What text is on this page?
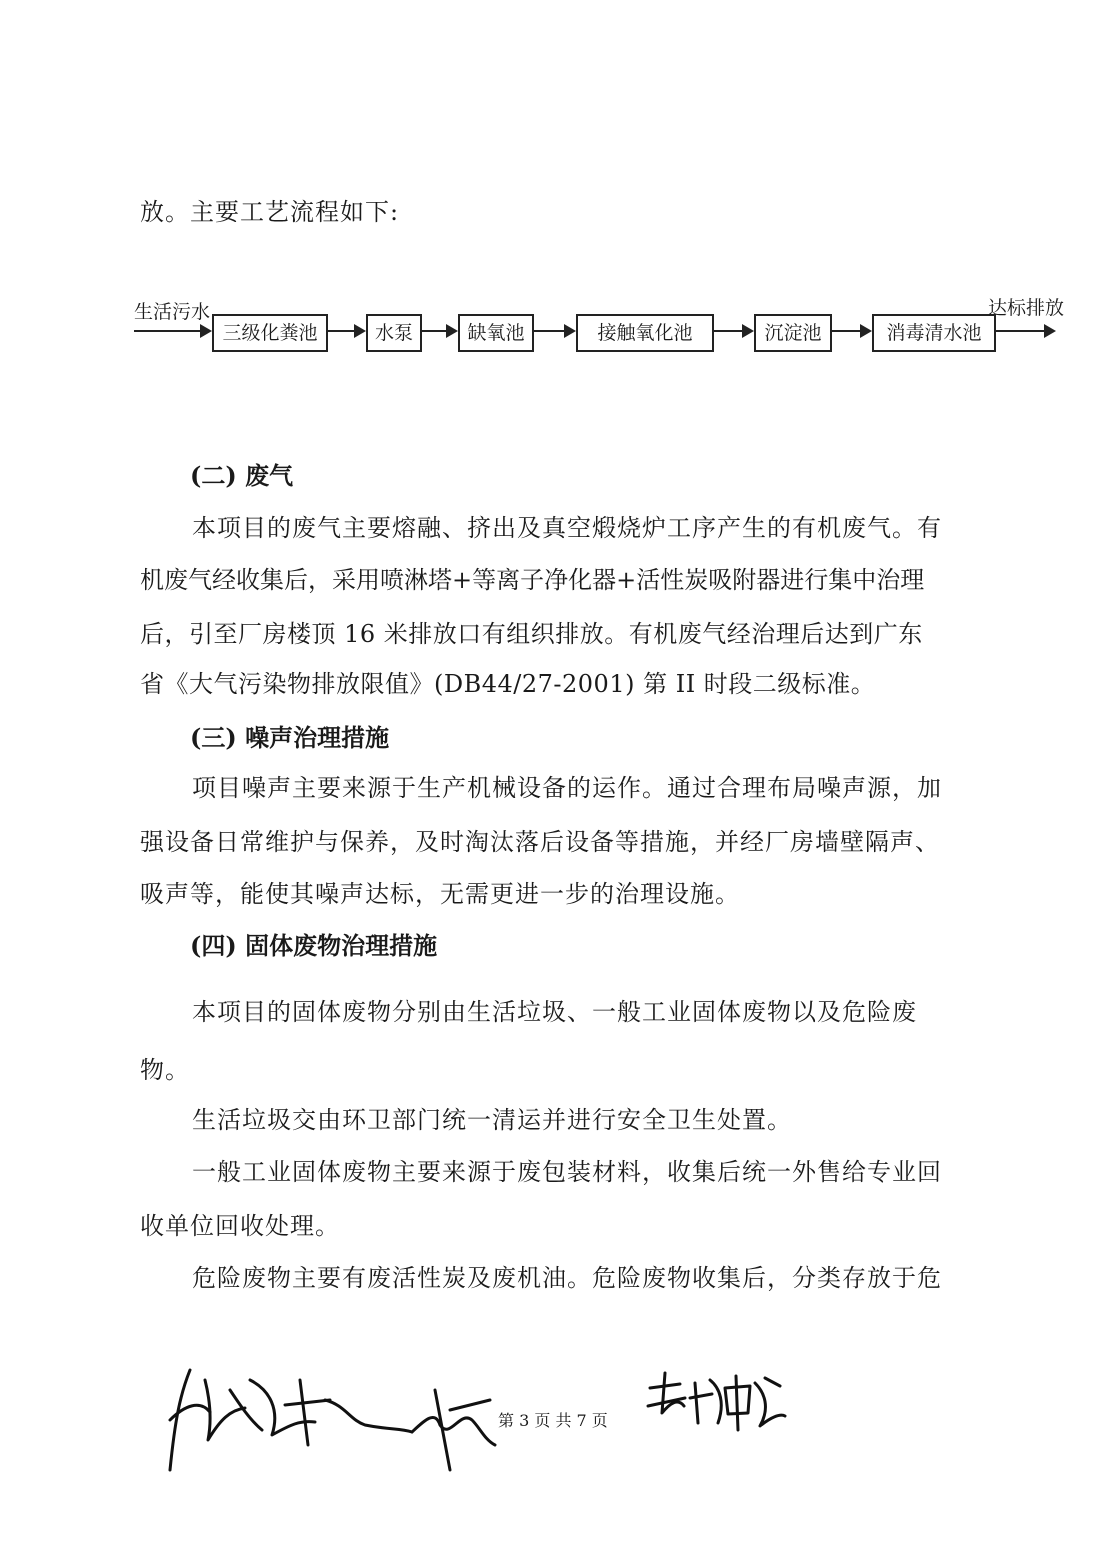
放。主要工艺流程如下:
生活污水
三级化粪池	水泵	缺氧池	接触氧化池	沉淀池	消毒清水池
达标排放
(二) 废气
本项目的废气主要熔融、挤出及真空煅烧炉工序产生的有机废气。有
机废气经收集后，采用喷淋塔+等离子净化器+活性炭吸附器进行集中治理
后，引至厂房楼顶 16 米排放口有组织排放。有机废气经治理后达到广东
省《大气污染物排放限值》(DB44/27-2001) 第 II 时段二级标准。
(三) 噪声治理措施
项目噪声主要来源于生产机械设备的运作。通过合理布局噪声源，加
强设备日常维护与保养，及时淘汰落后设备等措施，并经厂房墙壁隔声、
吸声等，能使其噪声达标，无需更进一步的治理设施。
(四) 固体废物治理措施
本项目的固体废物分别由生活垃圾、一般工业固体废物以及危险废
物。
生活垃圾交由环卫部门统一清运并进行安全卫生处置。
一般工业固体废物主要来源于废包装材料，收集后统一外售给专业回
收单位回收处理。
危险废物主要有废活性炭及废机油。危险废物收集后，分类存放于危
第 3 页 共 7 页
